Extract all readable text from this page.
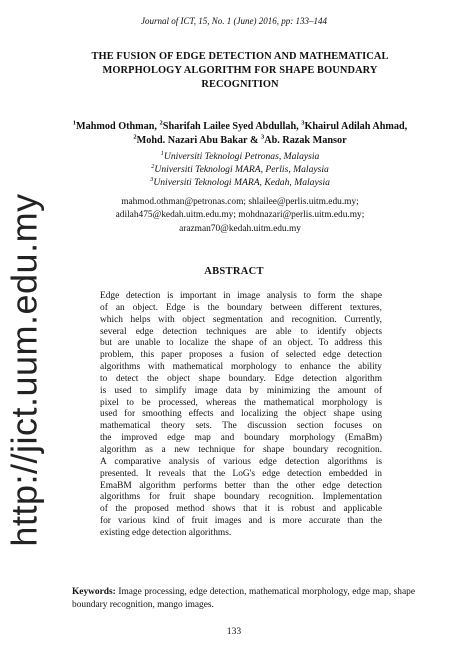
http://jict.uum.edu.my
Journal of ICT, 15, No. 1 (June) 2016, pp: 133–144
THE FUSION OF EDGE DETECTION AND MATHEMATICAL
MORPHOLOGY ALGORITHM FOR SHAPE BOUNDARY
RECOGNITION
$^1$Mahmod Othman, $^2$Sharifah Lailee Syed Abdullah, $^3$Khairul Adilah Ahmad,
$^2$Mohd. Nazari Abu Bakar & $^3$Ab. Razak Mansor
$^1$Universiti Teknologi Petronas, Malaysia
$^2$Universiti Teknologi MARA, Perlis, Malaysia
$^3$Universiti Teknologi MARA, Kedah, Malaysia
mahmod.othman@petronas.com; shlailee@perlis.uitm.edu.my;
adilah475@kedah.uitm.edu.my; mohdnazari@perlis.uitm.edu.my;
arazman70@kedah.uitm.edu.my
ABSTRACT
Edge detection is important in image analysis to form the shape
of an object. Edge is the boundary between different textures,
which helps with object segmentation and recognition. Currently,
several edge detection techniques are able to identify objects
but are unable to localize the shape of an object. To address this
problem, this paper proposes a fusion of selected edge detection
algorithms with mathematical morphology to enhance the ability
to detect the object shape boundary. Edge detection algorithm
is used to simplify image data by minimizing the amount of
pixel to be processed, whereas the mathematical morphology is
used for smoothing effects and localizing the object shape using
mathematical theory sets. The discussion section focuses on
the improved edge map and boundary morphology (EmaBm)
algorithm as a new technique for shape boundary recognition.
A comparative analysis of various edge detection algorithms is
presented. It reveals that the LoG's edge detection embedded in
EmaBM algorithm performs better than the other edge detection
algorithms for fruit shape boundary recognition. Implementation
of the proposed method shows that it is robust and applicable
for various kind of fruit images and is more accurate than the
existing edge detection algorithms.
Keywords: Image processing, edge detection, mathematical morphology, edge map, shape boundary recognition, mango images.
133
